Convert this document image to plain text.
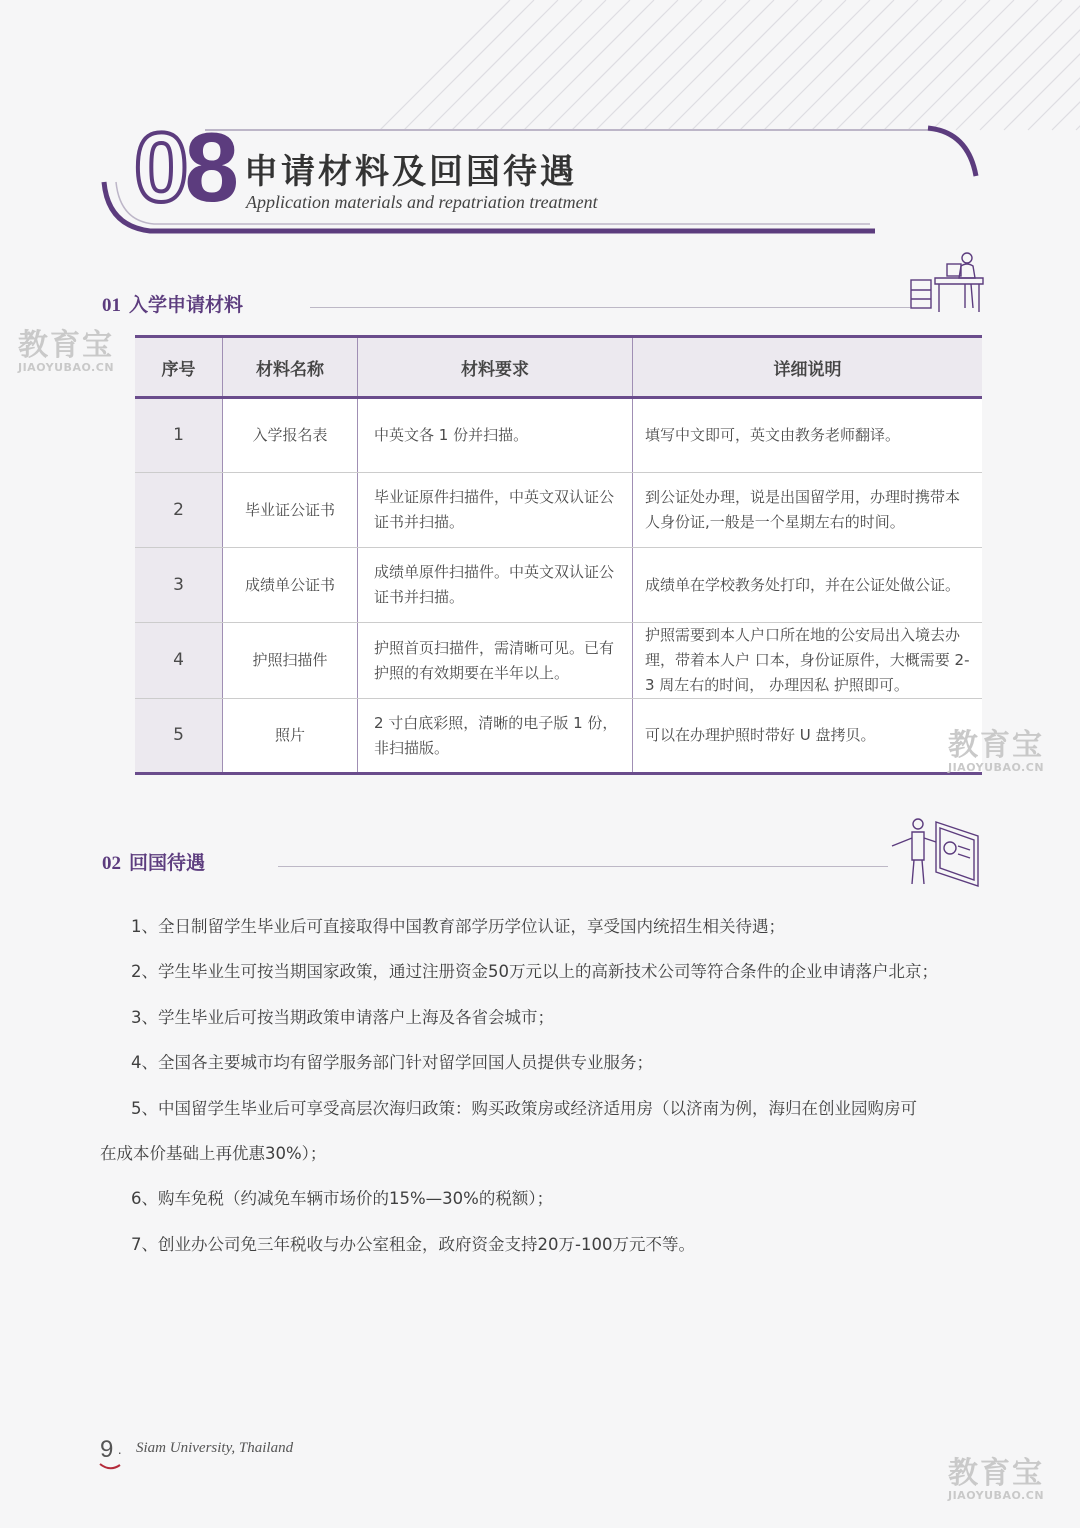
08 申请材料及回国待遇
Application materials and repatriation treatment
01 入学申请材料
序号	材料名称	材料要求	详细说明
1	入学报名表	中英文各 1 份并扫描。	填写中文即可，英文由教务老师翻译。
2	毕业证公证书	毕业证原件扫描件，中英文双认证公证书并扫描。	到公证处办理，说是出国留学用，办理时携带本人身份证,一般是一个星期左右的时间。
3	成绩单公证书	成绩单原件扫描件。中英文双认证公证书并扫描。	成绩单在学校教务处打印，并在公证处做公证。
4	护照扫描件	护照首页扫描件，需清晰可见。已有护照的有效期要在半年以上。	护照需要到本人户口所在地的公安局出入境去办理，带着本人户 口本，身份证原件，大概需要 2-3 周左右的时间， 办理因私 护照即可。
5	照片	2 寸白底彩照，清晰的电子版 1 份， 非扫描版。	可以在办理护照时带好 U 盘拷贝。
02 回国待遇
1、全日制留学生毕业后可直接取得中国教育部学历学位认证，享受国内统招生相关待遇；
2、学生毕业生可按当期国家政策，通过注册资金50万元以上的高新技术公司等符合条件的企业申请落户北京；
3、学生毕业后可按当期政策申请落户上海及各省会城市；
4、全国各主要城市均有留学服务部门针对留学回国人员提供专业服务；
5、中国留学生毕业后可享受高层次海归政策：购买政策房或经济适用房（以济南为例，海归在创业园购房可
在成本价基础上再优惠30%）；
6、购车免税（约减免车辆市场价的15%—30%的税额）；
7、创业办公司免三年税收与办公室租金，政府资金支持20万-100万元不等。
教育宝
JIAOYUBAO.CN
教育宝
JIAOYUBAO.CN
教育宝
JIAOYUBAO.CN
9 · Siam University, Thailand
